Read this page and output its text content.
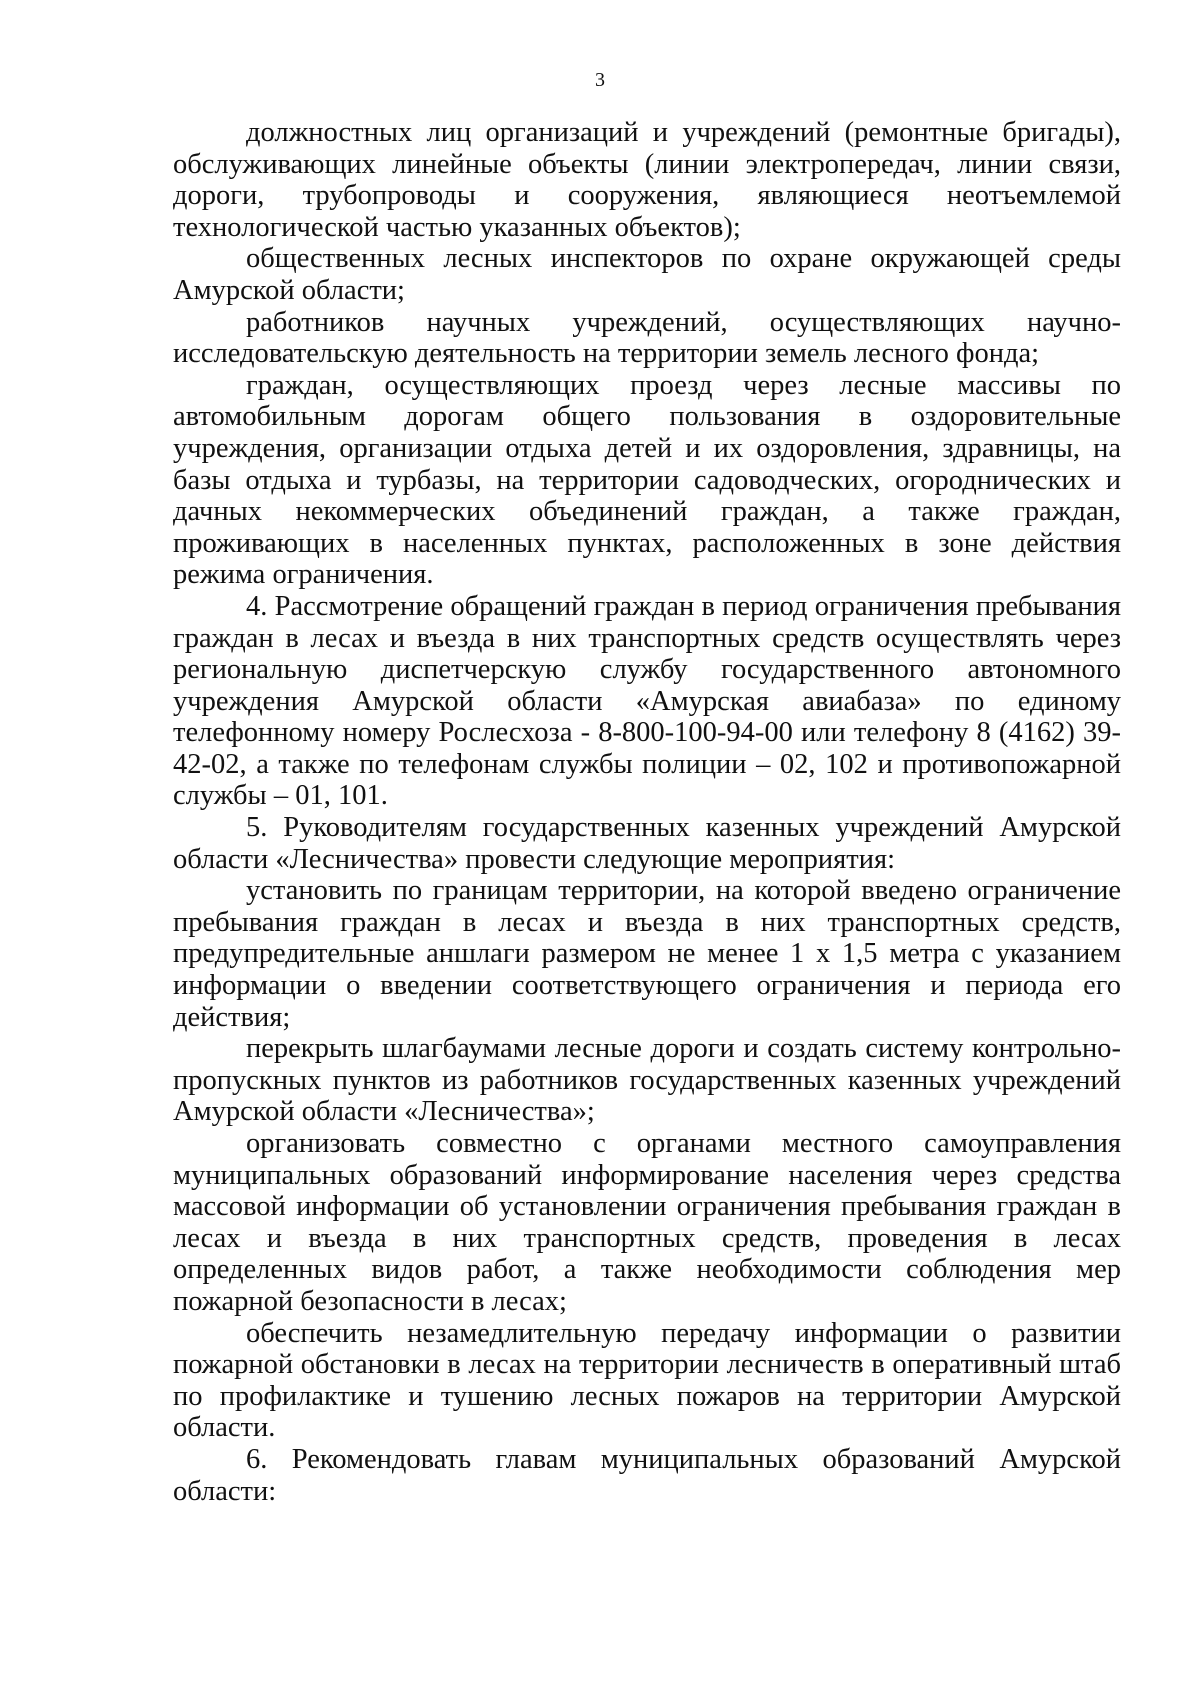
3

должностных лиц организаций и учреждений (ремонтные бригады), обслуживающих линейные объекты (линии электропередач, линии связи, дороги, трубопроводы и сооружения, являющиеся неотъемлемой технологической частью указанных объектов);

общественных лесных инспекторов по охране окружающей среды Амурской области;

работников научных учреждений, осуществляющих научно-исследовательскую деятельность на территории земель лесного фонда;

граждан, осуществляющих проезд через лесные массивы по автомобильным дорогам общего пользования в оздоровительные учреждения, организации отдыха детей и их оздоровления, здравницы, на базы отдыха и турбазы, на территории садоводческих, огороднических и дачных некоммерческих объединений граждан, а также граждан, проживающих в населенных пунктах, расположенных в зоне действия режима ограничения.

4. Рассмотрение обращений граждан в период ограничения пребывания граждан в лесах и въезда в них транспортных средств осуществлять через региональную диспетчерскую службу государственного автономного учреждения Амурской области «Амурская авиабаза» по единому телефонному номеру Рослесхоза - 8-800-100-94-00 или телефону 8 (4162) 39-42-02, а также по телефонам службы полиции – 02, 102 и противопожарной службы – 01, 101.

5. Руководителям государственных казенных учреждений Амурской области «Лесничества» провести следующие мероприятия:

установить по границам территории, на которой введено ограничение пребывания граждан в лесах и въезда в них транспортных средств, предупредительные аншлаги размером не менее 1 х 1,5 метра с указанием информации о введении соответствующего ограничения и периода его действия;

перекрыть шлагбаумами лесные дороги и создать систему контрольно-пропускных пунктов из работников государственных казенных учреждений Амурской области «Лесничества»;

организовать совместно с органами местного самоуправления муниципальных образований информирование населения через средства массовой информации об установлении ограничения пребывания граждан в лесах и въезда в них транспортных средств, проведения в лесах определенных видов работ, а также необходимости соблюдения мер пожарной безопасности в лесах;

обеспечить незамедлительную передачу информации о развитии пожарной обстановки в лесах на территории лесничеств в оперативный штаб по профилактике и тушению лесных пожаров на территории Амурской области.

6. Рекомендовать главам муниципальных образований Амурской области:
